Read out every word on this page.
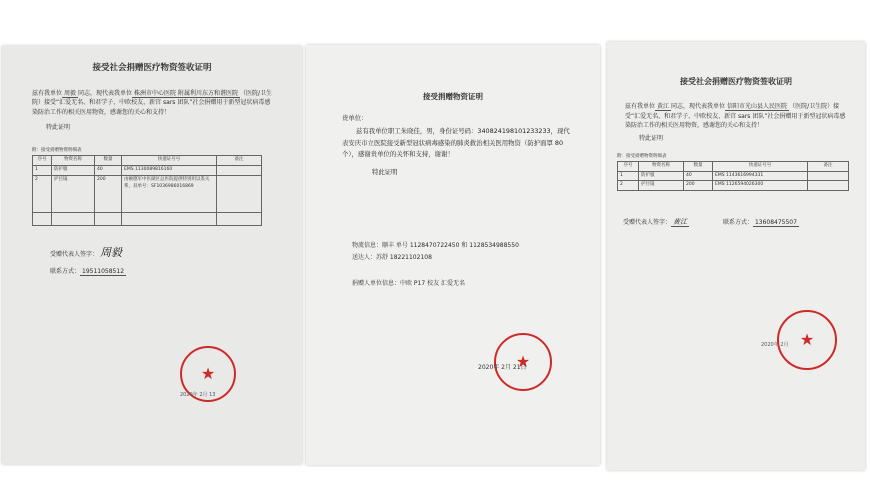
接受社会捐赠医疗物资签收证明

兹有我单位 周毅 同志，现代表我单位 株洲市中心医院 附属利川东方和谐医院 （医院/卫生院）接受“汇爱无名、和君学子、中欧校友、新宫 sars 团队”社会捐赠用于新型冠状病毒感染防治工作的相关医用物资，感谢您的关心和支持！

特此证明

附：接受捐赠物资明细表
序号	物资名称	数量	快递证号号	备注
1	防护服	40	EMS 1130089816160	
2	护目镜	200	由额德军中医湖区总医院提供特别用以鉴关系，双单号：SF1036986016869	

受赠代表人签字： 周毅

联系方式： 19511058512

★
2020年 2月 13
接受捐赠物资证明

贵单位：

兹有我单位职工朱晓佳，男，身份证号码：340824198101233233，现代表安庆市立医院接受新型冠状病毒感染的肺炎救治相关医用物资（防护面罩 80 个），感谢贵单位的关怀和支持，谢谢！

特此证明

物流信息：顺丰 单号 1128470722450 和 1128534988550

送达人：苏舒 18221102108

捐赠人单位信息：中欧 P17 校友 汇爱无名

★
2020年 2月 21日
接受社会捐赠医疗物资签收证明

兹有我单位 黄江 同志，现代表我单位 信阳市光山县人民医院 （医院/卫生院）接受“汇爱无名、和君学子、中欧校友、新宫 sars 团队”社会捐赠用于新型冠状病毒感染防治工作的相关医用物资，感谢您的关心和支持！

特此证明

附：接受捐赠物资明细表
序号	物资名称	数量	快递证号号	备注
1	防护服	40	EMS 1143616994331	
2	护目镜	200	EMS 1126594026300	

受赠代表人签字： 黄江	联系方式： 13608475507

★
2020年 2月
